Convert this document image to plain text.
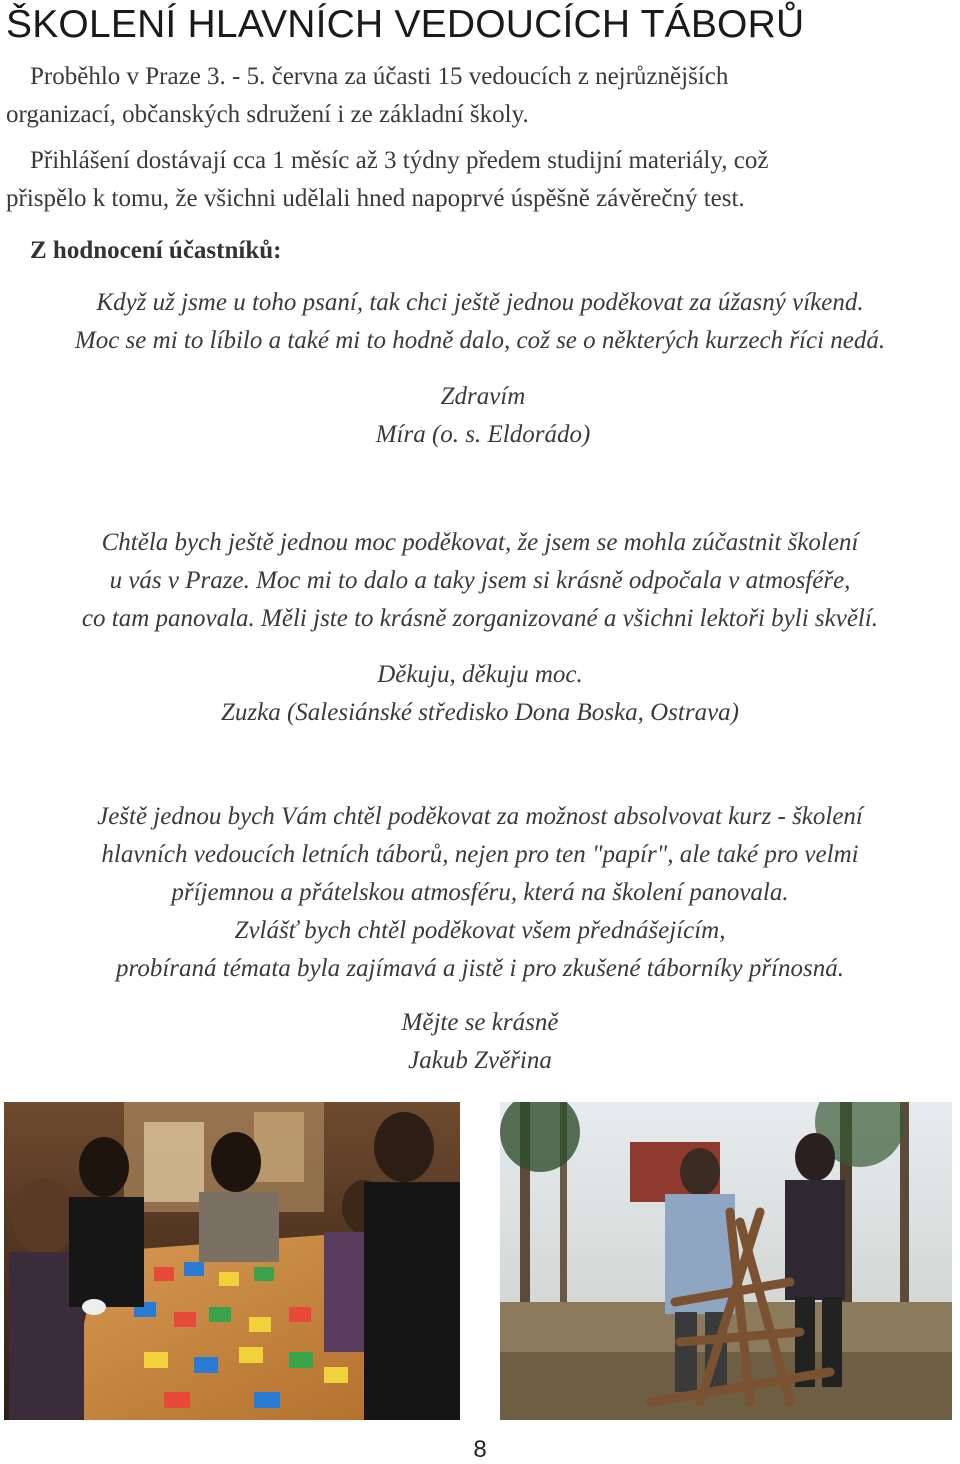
ŠKOLENÍ HLAVNÍCH VEDOUCÍCH TÁBORŮ
Proběhlo v Praze 3. - 5. června za účasti 15 vedoucích z nejrůznějších
organizací, občanských sdružení i ze základní školy.
Přihlášení dostávají cca 1 měsíc až 3 týdny předem studijní materiály, což
přispělo k tomu, že všichni udělali hned napoprvé úspěšně závěrečný test.
Z hodnocení účastníků:
Když už jsme u toho psaní, tak chci ještě jednou poděkovat za úžasný víkend.
Moc se mi to líbilo a také mi to hodně dalo, což se o některých kurzech říci nedá.
Zdravím
Míra (o. s. Eldorádo)
Chtěla bych ještě jednou moc poděkovat, že jsem se mohla zúčastnit školení
u vás v Praze. Moc mi to dalo a taky jsem si krásně odpočala v atmosféře,
co tam panovala. Měli jste to krásně zorganizované a všichni lektoři byli skvělí.
Děkuju, děkuju moc.
Zuzka (Salesiánské středisko Dona Boska, Ostrava)
Ještě jednou bych Vám chtěl poděkovat za možnost absolvovat kurz - školení
hlavních vedoucích letních táborů, nejen pro ten "papír", ale také pro velmi
příjemnou a přátelskou atmosféru, která na školení panovala.
Zvlášť bych chtěl poděkovat všem přednášejícím,
probíraná témata byla zajímavá a jistě i pro zkušené táborníky přínosná.
Mějte se krásně
Jakub Zvěřina
8
